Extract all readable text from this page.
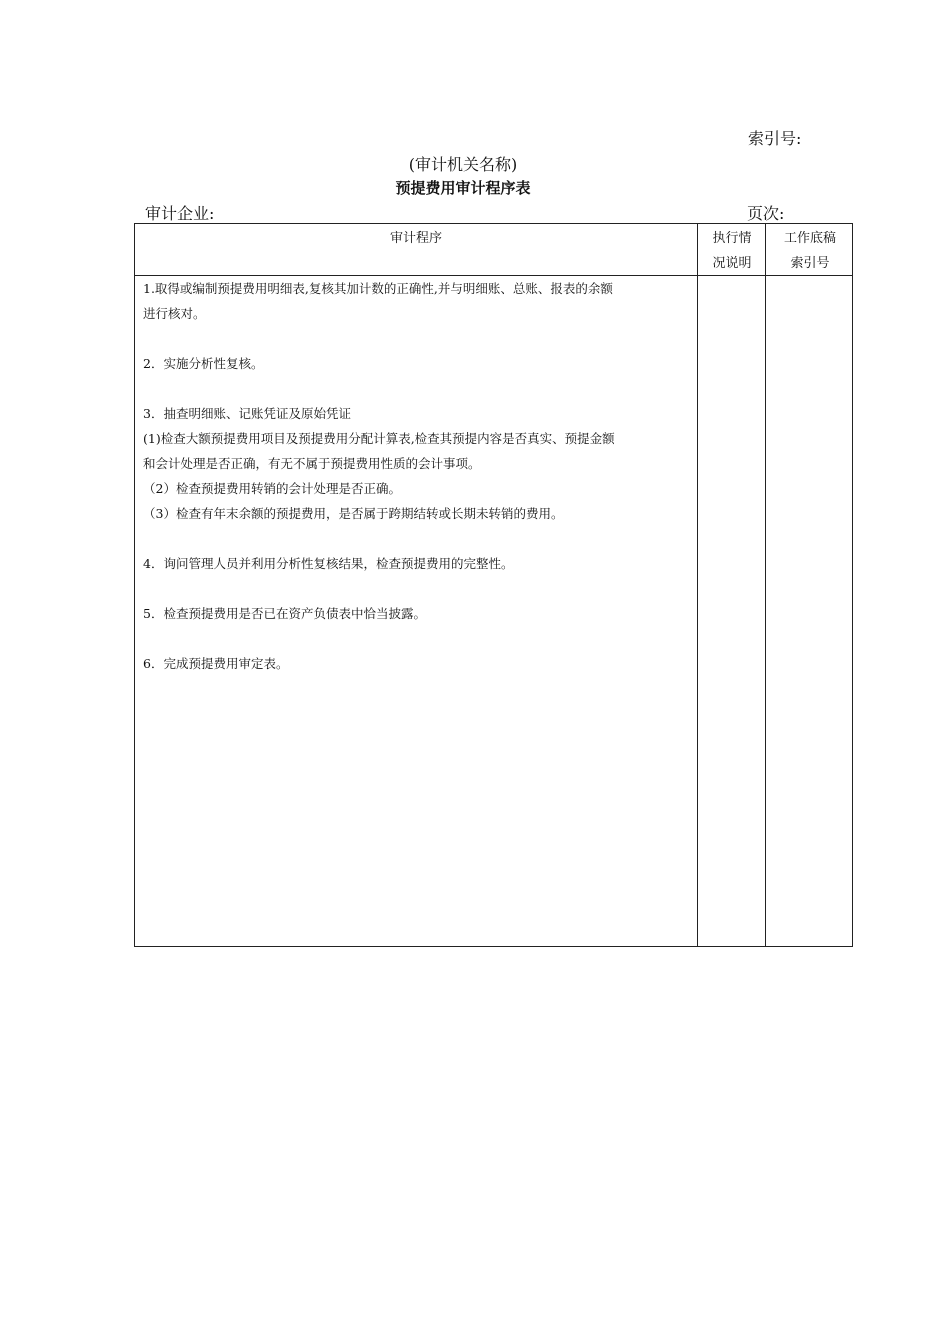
索引号:
(审计机关名称)
预提费用审计程序表
审计企业:	页次:
审计程序	执行情
况说明
工作底稿
索引号

1.取得或编制预提费用明细表,复核其加计数的正确性,并与明细账、总账、报表的余额

进行核对。

2．实施分析性复核。

3．抽查明细账、记账凭证及原始凭证

(1)检查大额预提费用项目及预提费用分配计算表,检查其预提内容是否真实、预提金额

和会计处理是否正确，有无不属于预提费用性质的会计事项。

（2）检查预提费用转销的会计处理是否正确。

（3）检查有年末余额的预提费用，是否属于跨期结转或长期未转销的费用。

4．询问管理人员并利用分析性复核结果，检查预提费用的完整性。

5．检查预提费用是否已在资产负债表中恰当披露。

6．完成预提费用审定表。
